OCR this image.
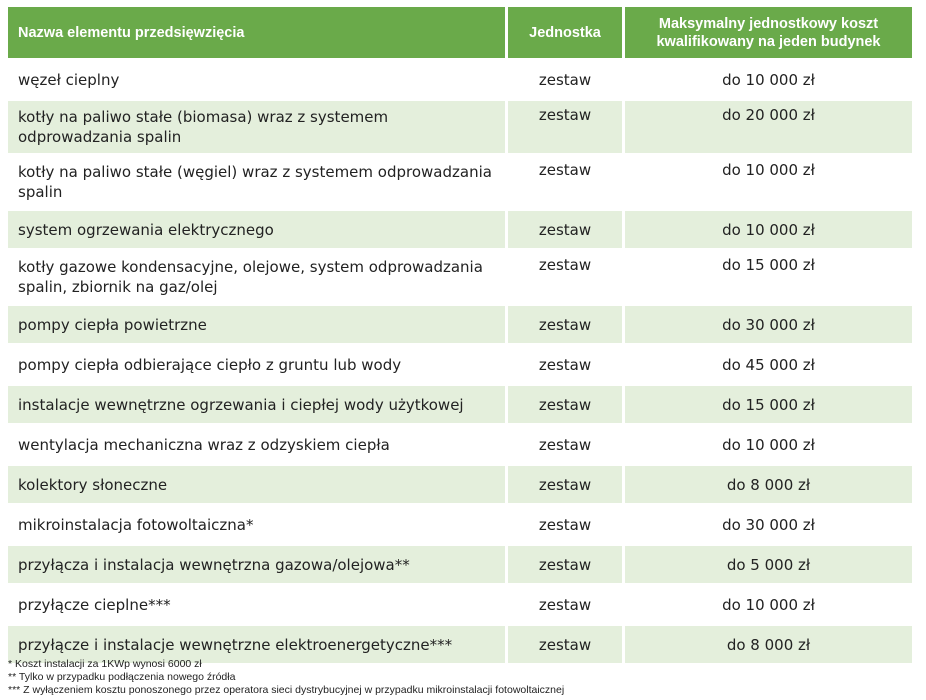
Nazwa elementu przedsięwzięcia	Jednostka	Maksymalny jednostkowy koszt kwalifikowany na jeden budynek
węzeł cieplny	zestaw	do 10 000 zł
kotły na paliwo stałe (biomasa) wraz z systemem odprowadzania spalin	zestaw	do 20 000 zł
kotły na paliwo stałe (węgiel) wraz z systemem odprowadzania spalin	zestaw	do 10 000 zł
system ogrzewania elektrycznego	zestaw	do 10 000 zł
kotły gazowe kondensacyjne, olejowe, system odprowadzania spalin, zbiornik na gaz/olej	zestaw	do 15 000 zł
pompy ciepła powietrzne	zestaw	do 30 000 zł
pompy ciepła odbierające ciepło z gruntu lub wody	zestaw	do 45 000 zł
instalacje wewnętrzne ogrzewania i ciepłej wody użytkowej	zestaw	do 15 000 zł
wentylacja mechaniczna wraz z odzyskiem ciepła	zestaw	do 10 000 zł
kolektory słoneczne	zestaw	do 8 000 zł
mikroinstalacja fotowoltaiczna*	zestaw	do 30 000 zł
przyłącza i instalacja wewnętrzna gazowa/olejowa**	zestaw	do 5 000 zł
przyłącze cieplne***	zestaw	do 10 000 zł
przyłącze i instalacje wewnętrzne elektroenergetyczne***	zestaw	do 8 000 zł
* Koszt instalacji za 1KWp wynosi 6000 zł
** Tylko w przypadku podłączenia nowego źródła
*** Z wyłączeniem kosztu ponoszonego przez operatora sieci dystrybucyjnej w przypadku mikroinstalacji fotowoltaicznej
